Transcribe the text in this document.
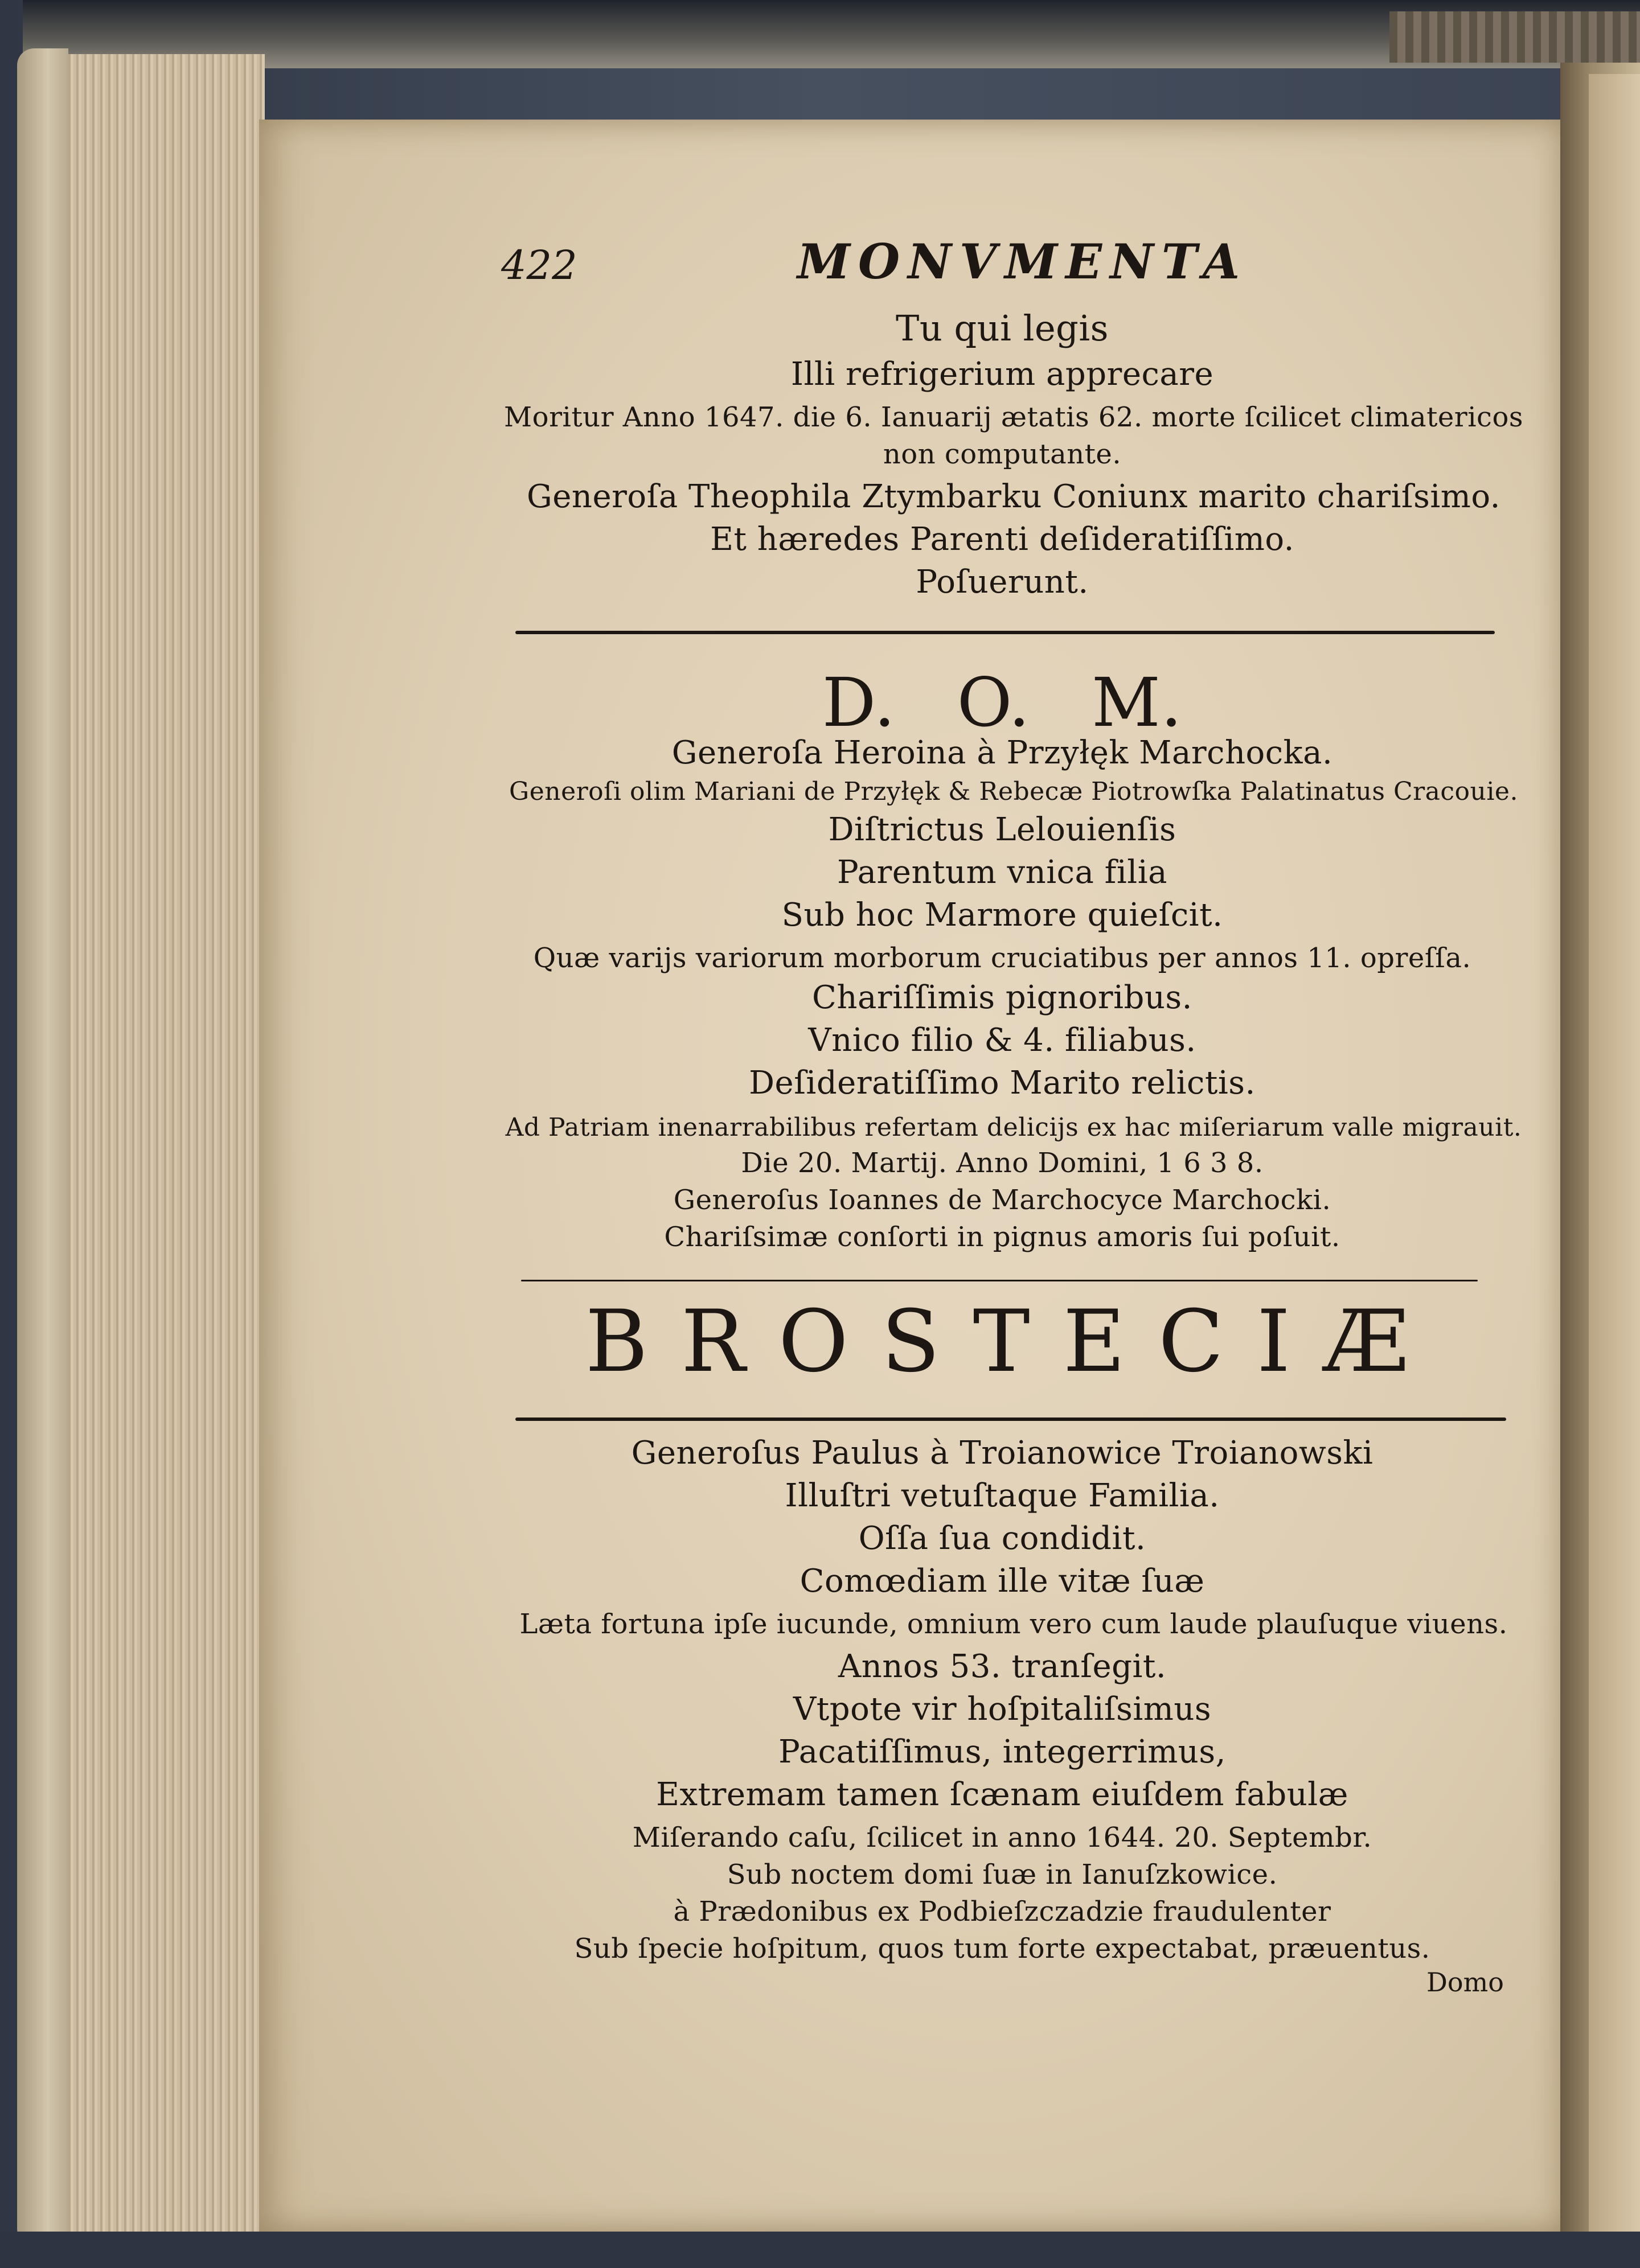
422	MONVMENTA
Tu qui legis
Illi refrigerium apprecare
Moritur Anno 1647. die 6. Ianuarij ætatis 62. morte ſcilicet climatericos
non computante.
Generoſa Theophila Ztymbarku Coniunx marito chariſsimo.
Et hæredes Parenti deſideratiſſimo.
Poſuerunt.
D. O. M.
Generoſa Heroina à Przyłęk Marchocka.
Generoſi olim Mariani de Przyłęk & Rebecæ Piotrowſka Palatinatus Cracouie.
Diſtrictus Lelouienſis
Parentum vnica filia
Sub hoc Marmore quieſcit.
Quæ varijs variorum morborum cruciatibus per annos 11. opreſſa.
Chariſſimis pignoribus.
Vnico filio & 4. filiabus.
Deſideratiſſimo Marito relictis.
Ad Patriam inenarrabilibus refertam delicijs ex hac miſeriarum valle migrauit.
Die 20. Martij. Anno Domini, 1 6 3 8.
Generoſus Ioannes de Marchocyce Marchocki.
Chariſsimæ conſorti in pignus amoris ſui poſuit.
BROSTECIÆ
Generoſus Paulus à Troianowice Troianowski
Illuſtri vetuſtaque Familia.
Oſſa ſua condidit.
Comœdiam ille vitæ ſuæ
Læta fortuna ipſe iucunde, omnium vero cum laude plauſuque viuens.
Annos 53. tranſegit.
Vtpote vir hoſpitaliſsimus
Pacatiſſimus, integerrimus,
Extremam tamen ſcænam eiuſdem fabulæ
Miſerando caſu, ſcilicet in anno 1644. 20. Septembr.
Sub noctem domi ſuæ in Ianuſzkowice.
à Prædonibus ex Podbieſzczadzie fraudulenter
Sub ſpecie hoſpitum, quos tum forte expectabat, præuentus.
Domo
